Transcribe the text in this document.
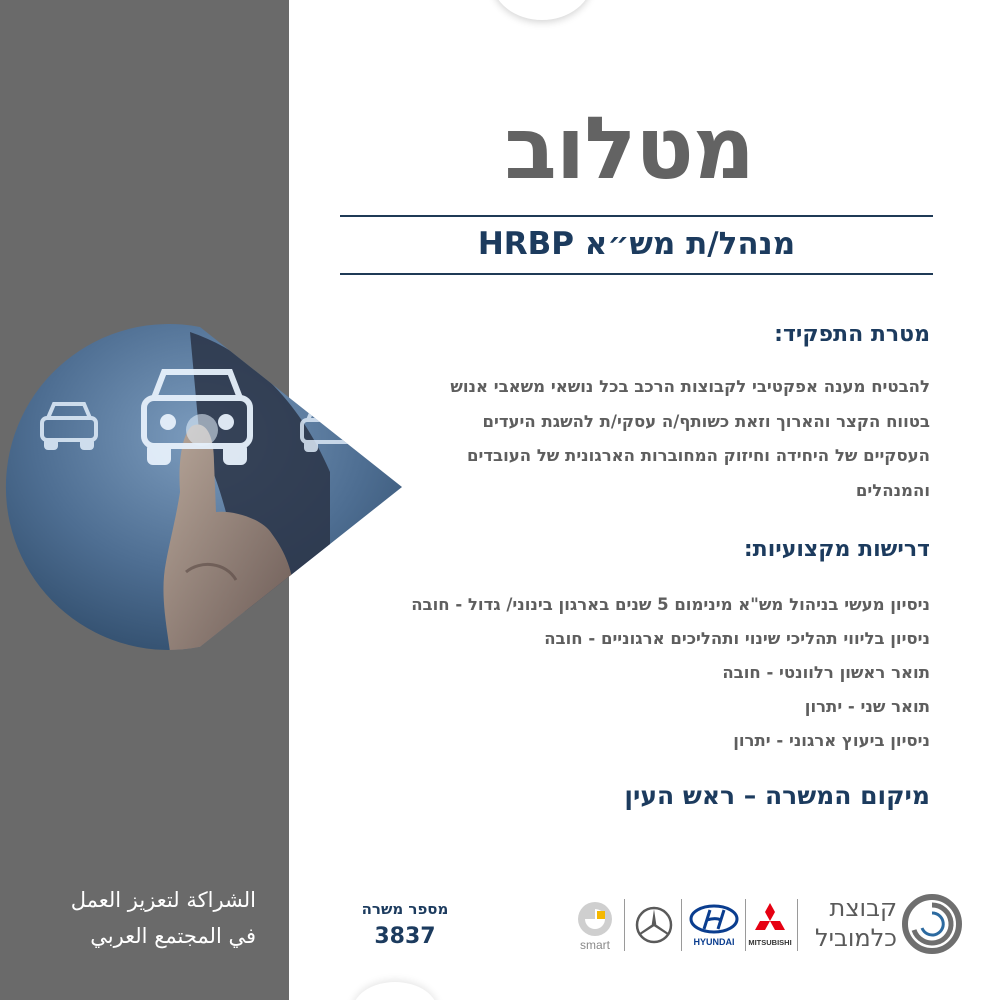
מטלוב
מנהל/ת מש״א HRBP
מטרת התפקיד:
להבטיח מענה אפקטיבי לקבוצות הרכב בכל נושאי משאבי אנוש
בטווח הקצר והארוך וזאת כשותף/ה עסקי/ת להשגת היעדים
העסקיים של היחידה וחיזוק המחוברות הארגונית של העובדים
והמנהלים
דרישות מקצועיות:
ניסיון מעשי בניהול מש"א מינימום 5 שנים בארגון בינוני/ גדול - חובה
ניסיון בליווי תהליכי שינוי ותהליכים ארגוניים - חובה
תואר ראשון רלוונטי - חובה
תואר שני - יתרון
ניסיון ביעוץ ארגוני - יתרון
מיקום המשרה – ראש העין
الشراكة لتعزيز العمل
في المجتمع العربي
מספר משרה
3837	smart	HYUNDAI MITSUBISHI
קבוצת
כלמוביל
